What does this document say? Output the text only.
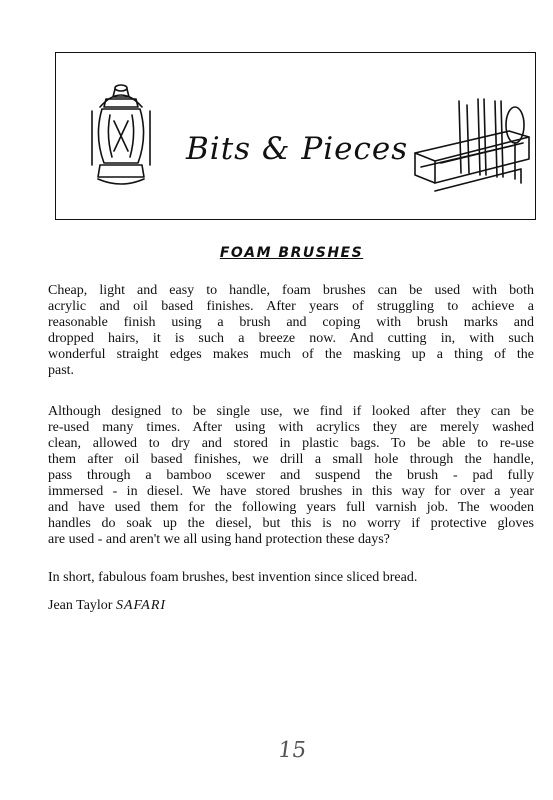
Bits & Pieces
FOAM BRUSHES
Cheap, light and easy to handle, foam brushes can be used with both
acrylic and oil based finishes. After years of struggling to achieve a
reasonable finish using a brush and coping with brush marks and
dropped hairs, it is such a breeze now. And cutting in, with such
wonderful straight edges makes much of the masking up a thing of the
past.
Although designed to be single use, we find if looked after they can be
re-used many times. After using with acrylics they are merely washed
clean, allowed to dry and stored in plastic bags. To be able to re-use
them after oil based finishes, we drill a small hole through the handle,
pass through a bamboo scewer and suspend the brush - pad fully
immersed - in diesel. We have stored brushes in this way for over a year
and have used them for the following years full varnish job. The wooden
handles do soak up the diesel, but this is no worry if protective gloves
are used - and aren't we all using hand protection these days?
In short, fabulous foam brushes, best invention since sliced bread.
Jean Taylor SAFARI
15
